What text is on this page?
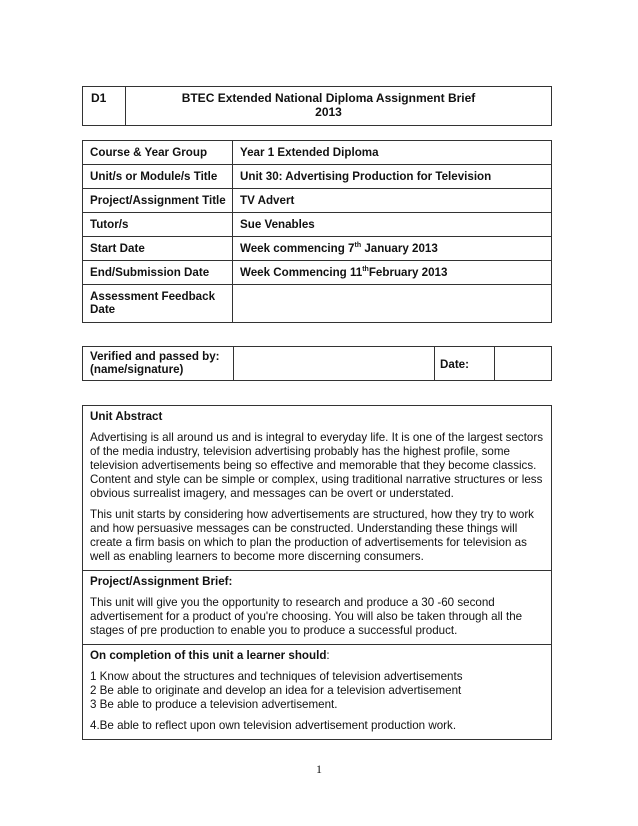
D1	BTEC Extended National Diploma Assignment Brief
2013
Course & Year Group	Year 1 Extended Diploma
Unit/s or Module/s Title	Unit 30: Advertising Production for Television
Project/Assignment Title	TV Advert
Tutor/s	Sue Venables
Start Date	Week commencing 7th January 2013
End/Submission Date	Week Commencing 11thFebruary 2013
Assessment Feedback Date	
Verified and passed by: (name/signature)		Date:	
Unit Abstract

Advertising is all around us and is integral to everyday life. It is one of the largest sectors of the media industry, television advertising probably has the highest profile, some television advertisements being so effective and memorable that they become classics. Content and style can be simple or complex, using traditional narrative structures or less obvious surrealist imagery, and messages can be overt or understated.

This unit starts by considering how advertisements are structured, how they try to work and how persuasive messages can be constructed. Understanding these things will create a firm basis on which to plan the production of advertisements for television as well as enabling learners to become more discerning consumers.

Project/Assignment Brief:

This unit will give you the opportunity to research and produce a 30 -60 second advertisement for a product of you're choosing. You will also be taken through all the stages of pre production to enable you to produce a successful product.

On completion of this unit a learner should:

1 Know about the structures and techniques of television advertisements
2 Be able to originate and develop an idea for a television advertisement
3 Be able to produce a television advertisement.

4.Be able to reflect upon own television advertisement production work.

1
